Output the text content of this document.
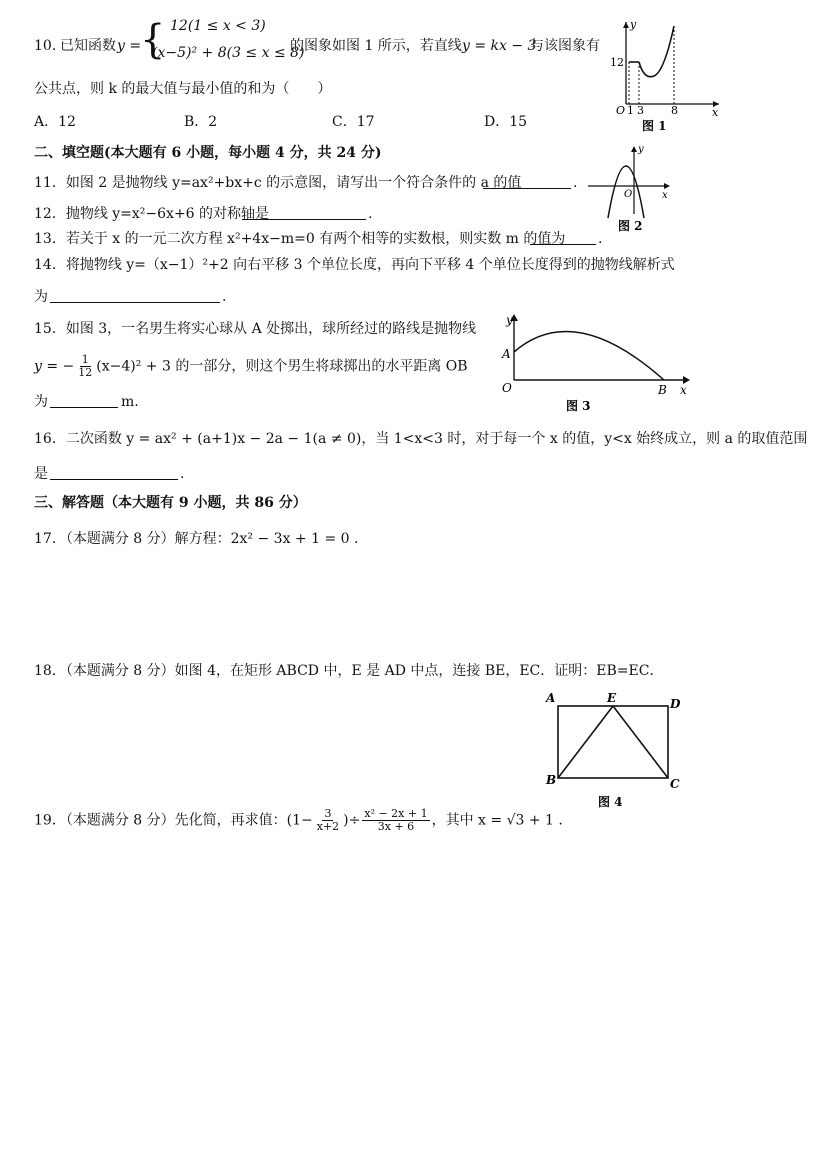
10．
已知函数 y =
{ 12(1 ≤ x < 3)
(x−5)² + 8(3 ≤ x ≤ 8)
的图象如图 1 所示，若直线 y = kx − 3
与该图象有
公共点，则 k 的最大值与最小值的和为（　　）
A．12	B．2	C．17	D．15
O 1 3 8
12
y
x
图 1
二、填空题(本大题有 6 小题，每小题 4 分，共 24 分)
11．如图 2 是抛物线 y=ax²+bx+c 的示意图，请写出一个符合条件的 a 的值	.
O
y
x
图 2
12．抛物线 y=x²−6x+6 的对称轴是	.
13．若关于 x 的一元二次方程 x²+4x−m=0 有两个相等的实数根，则实数 m 的值为 .
14．将抛物线 y=（x−1）²+2 向右平移 3 个单位长度，再向下平移 4 个单位长度得到的抛物线解析式
为	.
15．如图 3，一名男生将实心球从 A 处掷出，球所经过的路线是抛物线
y = − $\frac{1}{12} (x-4)^2 + 3$ 的一部分，则这个男生将球掷出的水平距离 OB
为	m.
A
O	B
y
x
图 3
16．二次函数 y = ax² + (a+1)x − 2a − 1(a ≠ 0)，当 1<x<3 时，对于每一个 x 的值，y<x 始终成立，则 a 的取值范围
是	.
三、解答题（本大题有 9 小题，共 86 分）
17．（本题满分 8 分）解方程：2x² − 3x + 1 = 0 .
18．（本题满分 8 分）如图 4，在矩形 ABCD 中，E 是 AD 中点，连接 BE，EC．证明：EB=EC．
A	E	D
B	C
图 4
19．（本题满分 8 分）先化简，再求值：($1- \frac{3}{x+2}$ )÷ $\frac{\text{x² − 2x + 1}}{3x + 6}$ ，其中 x = √3 + 1 .
